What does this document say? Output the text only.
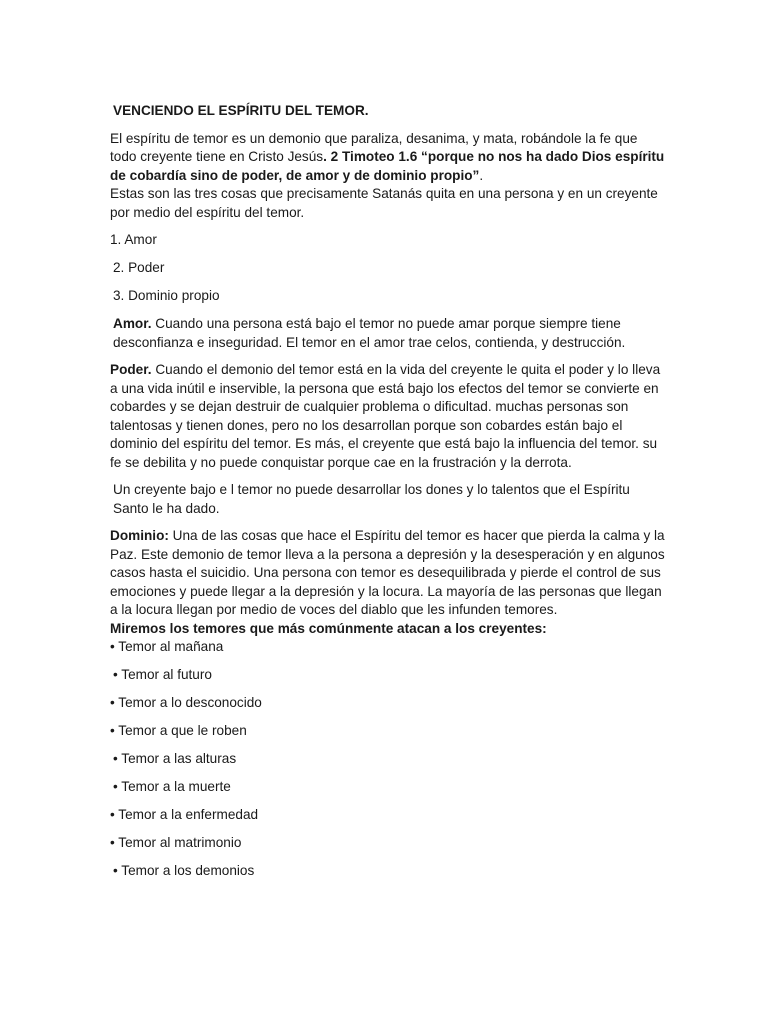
VENCIENDO EL ESPÍRITU DEL TEMOR.

El espíritu de temor es un demonio que paraliza, desanima, y mata, robándole la fe que todo creyente tiene en Cristo Jesús. 2 Timoteo 1.6 “porque no nos ha dado Dios espíritu de cobardía sino de poder, de amor y de dominio propio”.

Estas son las tres cosas que precisamente Satanás quita en una persona y en un creyente por medio del espíritu del temor.

1. Amor
2. Poder
3. Dominio propio

Amor. Cuando una persona está bajo el temor no puede amar porque siempre tiene desconfianza e inseguridad. El temor en el amor trae celos, contienda, y destrucción.

Poder. Cuando el demonio del temor está en la vida del creyente le quita el poder y lo lleva a una vida inútil e inservible, la persona que está bajo los efectos del temor se convierte en cobardes y se dejan destruir de cualquier problema o dificultad. muchas personas son talentosas y tienen dones, pero no los desarrollan porque son cobardes están bajo el dominio del espíritu del temor. Es más, el creyente que está bajo la influencia del temor. su fe se debilita y no puede conquistar porque cae en la frustración y la derrota.

Un creyente bajo e l temor no puede desarrollar los dones y lo talentos que el Espíritu Santo le ha dado.

Dominio: Una de las cosas que hace el Espíritu del temor es hacer que pierda la calma y la Paz. Este demonio de temor lleva a la persona a depresión y la desesperación y en algunos casos hasta el suicidio. Una persona con temor es desequilibrada y pierde el control de sus emociones y puede llegar a la depresión y la locura. La mayoría de las personas que llegan a la locura llegan por medio de voces del diablo que les infunden temores.

Miremos los temores que más comúnmente atacan a los creyentes:

• Temor al mañana
• Temor al futuro
• Temor a lo desconocido
• Temor a que le roben
• Temor a las alturas
• Temor a la muerte
• Temor a la enfermedad
• Temor al matrimonio
• Temor a los demonios
